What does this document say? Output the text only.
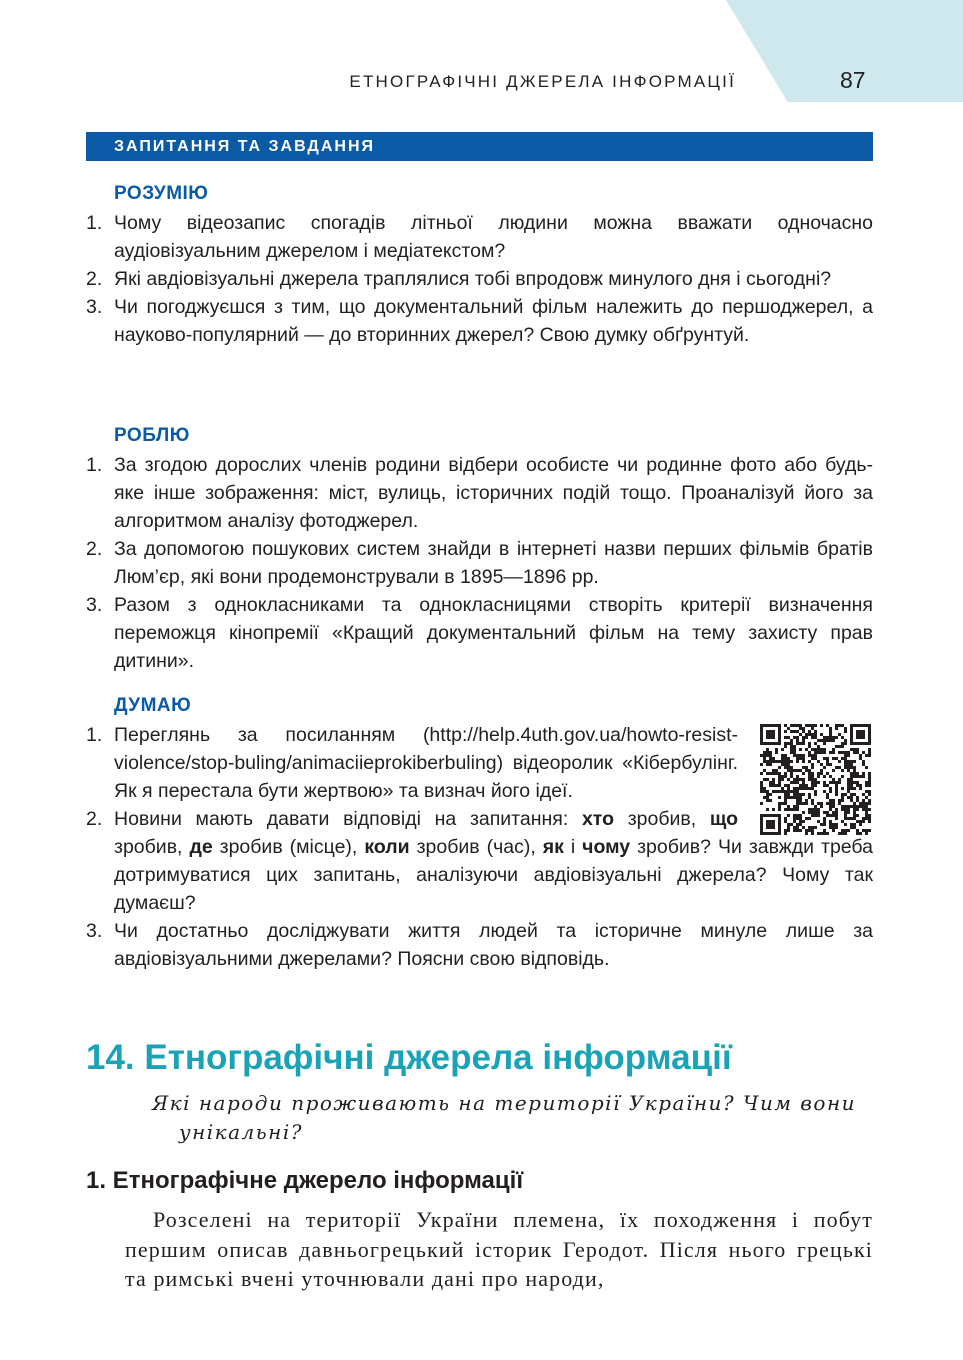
ЕТНОГРАФІЧНІ ДЖЕРЕЛА ІНФОРМАЦІЇ	87
ЗАПИТАННЯ ТА ЗАВДАННЯ
РОЗУМІЮ
1. Чому відеозапис спогадів літньої людини можна вважати одночасно аудіовізуальним джерелом і медіатекстом?
2. Які авдіовізуальні джерела траплялися тобі впродовж минулого дня і сьогодні?
3. Чи погоджуєшся з тим, що документальний фільм належить до першоджерел, а науково-популярний — до вторинних джерел? Свою думку обґрунтуй.
РОБЛЮ
1. За згодою дорослих членів родини відбери особисте чи родинне фото або будь-яке інше зображення: міст, вулиць, історичних подій тощо. Проаналізуй його за алгоритмом аналізу фотоджерел.
2. За допомогою пошукових систем знайди в інтернеті назви перших фільмів братів Люм’єр, які вони продемонстрували в 1895—1896 рр.
3. Разом з однокласниками та однокласницями створіть критерії визначення переможця кінопремії «Кращий документальний фільм на тему захисту прав дитини».
ДУМАЮ
1. Переглянь за посиланням (http://help.4uth.gov.ua/howto-resist-violence/stop-buling/animaciieprokiberbuling) відеоролик «Кібербулінг. Як я перестала бути жертвою» та визнач його ідеї.
2. Новини мають давати відповіді на запитання: хто зробив, що зробив, де зробив (місце), коли зробив (час), як і чому зробив? Чи завжди треба дотримуватися цих запитань, аналізуючи авдіовізуальні джерела? Чому так думаєш?
3. Чи достатньо досліджувати життя людей та історичне минуле лише за авдіовізуальними джерелами? Поясни свою відповідь.
14. Етнографічні джерела інформації
Які народи проживають на території України? Чим вони
унікальні?
1. Етнографічне джерело інформації
Розселені на території України племена, їх походження і побут першим описав давньогрецький історик Геродот. Після нього грецькі та римські вчені уточнювали дані про народи,
